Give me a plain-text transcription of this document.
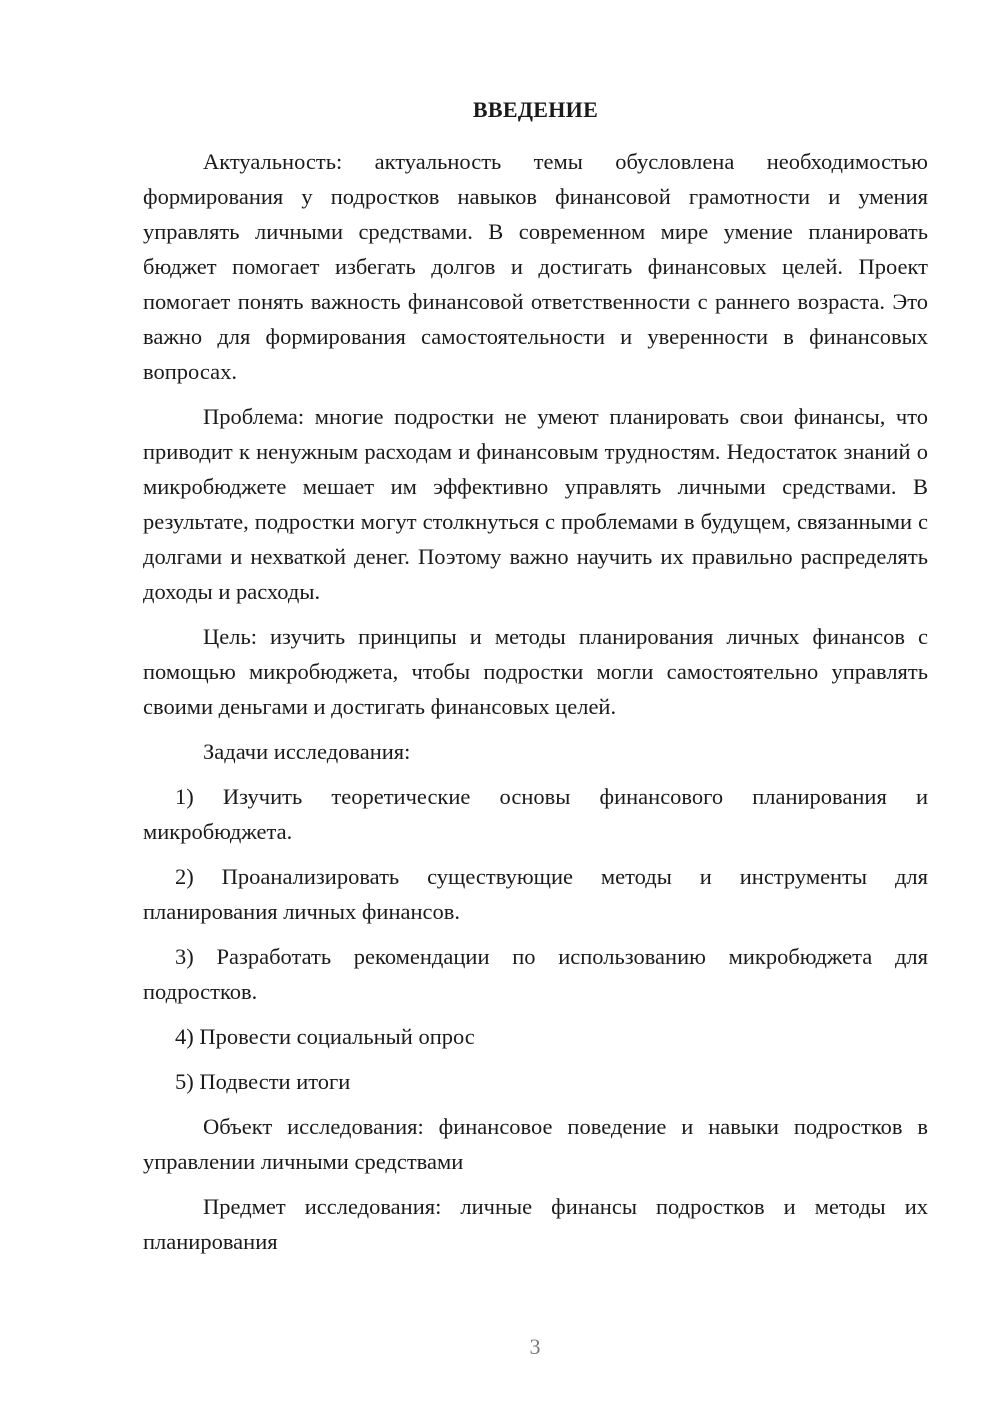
ВВЕДЕНИЕ

Актуальность: актуальность темы обусловлена необходимостью формирования у подростков навыков финансовой грамотности и умения управлять личными средствами. В современном мире умение планировать бюджет помогает избегать долгов и достигать финансовых целей. Проект помогает понять важность финансовой ответственности с раннего возраста. Это важно для формирования самостоятельности и уверенности в финансовых вопросах.

Проблема: многие подростки не умеют планировать свои финансы, что приводит к ненужным расходам и финансовым трудностям. Недостаток знаний о микробюджете мешает им эффективно управлять личными средствами. В результате, подростки могут столкнуться с проблемами в будущем, связанными с долгами и нехваткой денег. Поэтому важно научить их правильно распределять доходы и расходы.

Цель: изучить принципы и методы планирования личных финансов с помощью микробюджета, чтобы подростки могли самостоятельно управлять своими деньгами и достигать финансовых целей.

Задачи исследования:

1) Изучить теоретические основы финансового планирования и микробюджета.

2) Проанализировать существующие методы и инструменты для планирования личных финансов.

3) Разработать рекомендации по использованию микробюджета для подростков.

4) Провести социальный опрос

5) Подвести итоги

Объект исследования: финансовое поведение и навыки подростков в управлении личными средствами

Предмет исследования: личные финансы подростков и методы их планирования

3
